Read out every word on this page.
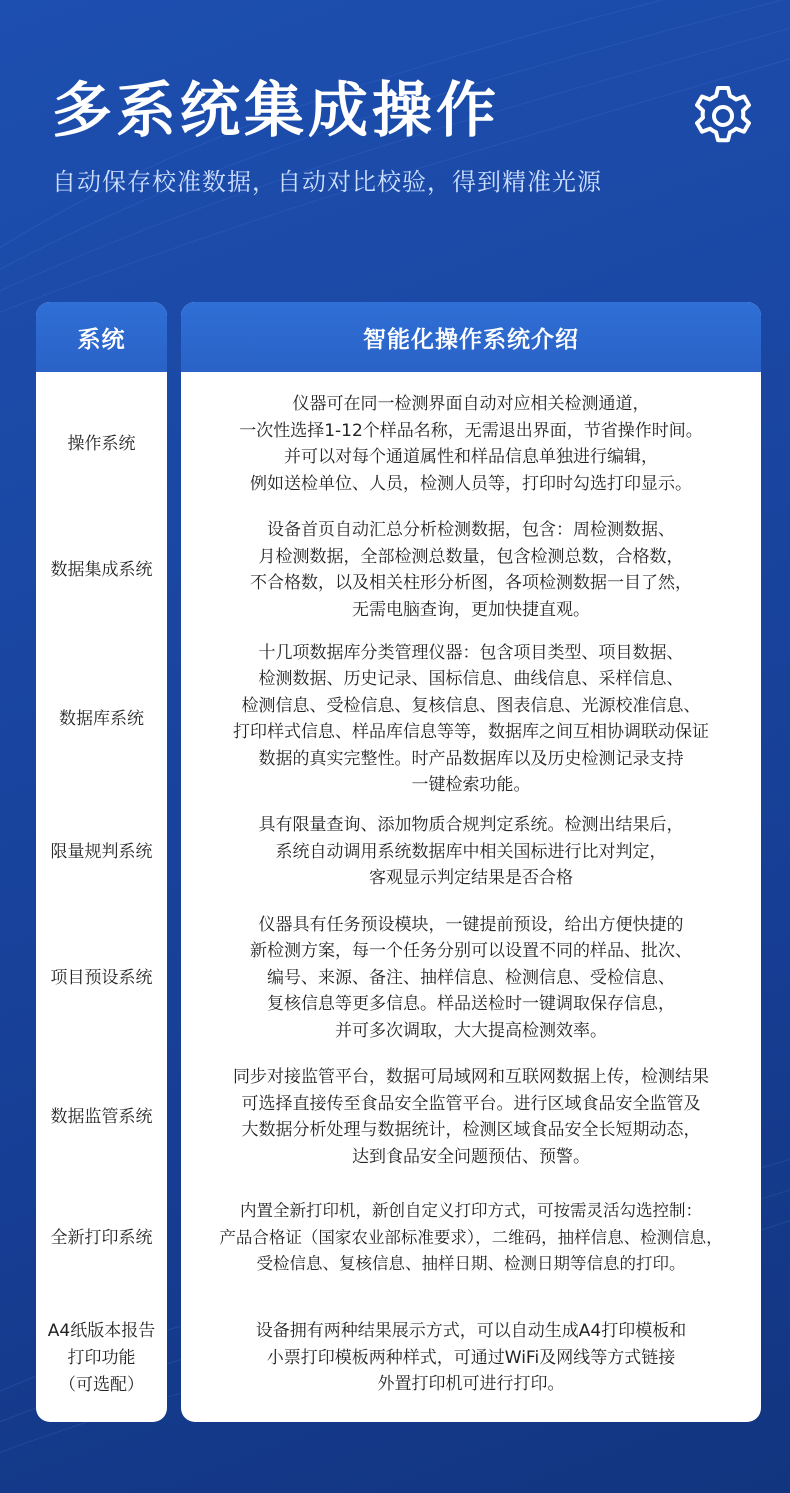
多系统集成操作

自动保存校准数据，自动对比校验，得到精准光源

系统	智能化操作系统介绍
操作系统
数据集成系统
数据库系统
限量规判系统
项目预设系统
数据监管系统
全新打印系统
A4纸版本报告
打印功能
（可选配）
仪器可在同一检测界面自动对应相关检测通道，
一次性选择1-12个样品名称，无需退出界面，节省操作时间。
并可以对每个通道属性和样品信息单独进行编辑，
例如送检单位、人员，检测人员等，打印时勾选打印显示。
设备首页自动汇总分析检测数据，包含：周检测数据、
月检测数据，全部检测总数量，包含检测总数，合格数，
不合格数，以及相关柱形分析图，各项检测数据一目了然，
无需电脑查询，更加快捷直观。
十几项数据库分类管理仪器：包含项目类型、项目数据、
检测数据、历史记录、国标信息、曲线信息、采样信息、
检测信息、受检信息、复核信息、图表信息、光源校准信息、
打印样式信息、样品库信息等等，数据库之间互相协调联动保证
数据的真实完整性。时产品数据库以及历史检测记录支持
一键检索功能。
具有限量查询、添加物质合规判定系统。检测出结果后，
系统自动调用系统数据库中相关国标进行比对判定，
客观显示判定结果是否合格
仪器具有任务预设模块，一键提前预设，给出方便快捷的
新检测方案，每一个任务分别可以设置不同的样品、批次、
编号、来源、备注、抽样信息、检测信息、受检信息、
复核信息等更多信息。样品送检时一键调取保存信息，
并可多次调取，大大提高检测效率。
同步对接监管平台，数据可局域网和互联网数据上传，检测结果
可选择直接传至食品安全监管平台。进行区域食品安全监管及
大数据分析处理与数据统计，检测区域食品安全长短期动态，
达到食品安全问题预估、预警。
内置全新打印机，新创自定义打印方式，可按需灵活勾选控制：
产品合格证（国家农业部标准要求），二维码，抽样信息、检测信息，
受检信息、复核信息、抽样日期、检测日期等信息的打印。
设备拥有两种结果展示方式，可以自动生成A4打印模板和
小票打印模板两种样式，可通过WiFi及网线等方式链接
外置打印机可进行打印。
